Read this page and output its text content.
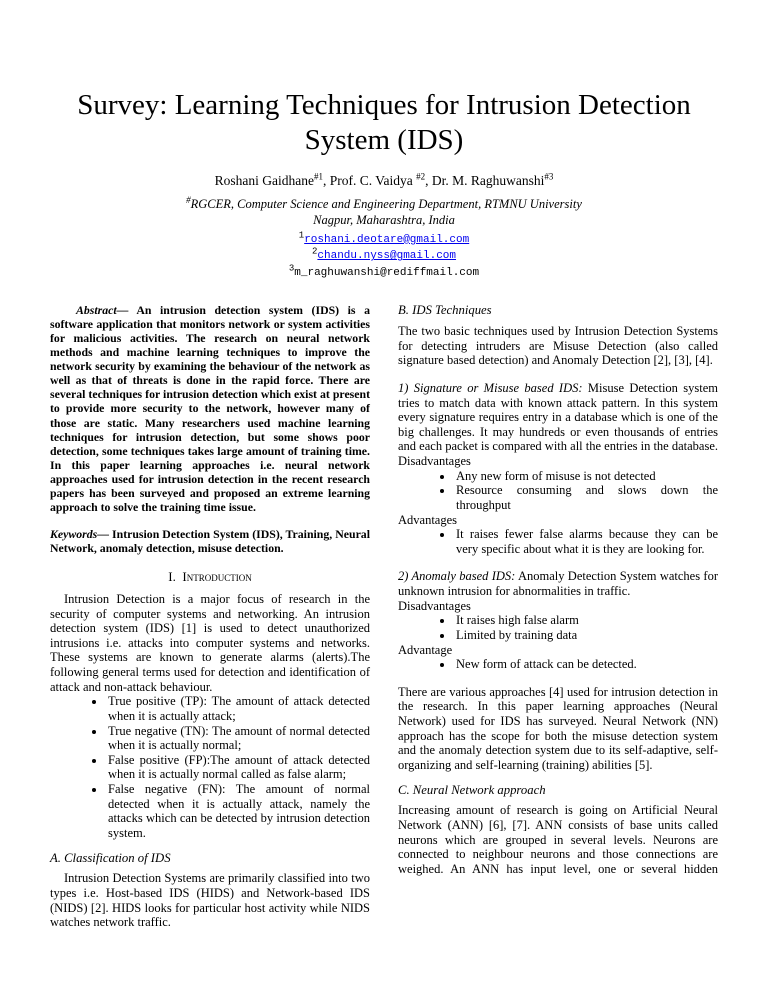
Survey: Learning Techniques for Intrusion Detection System (IDS)
Roshani Gaidhane$^{\#1}$, Prof. C. Vaidya $^{\#2}$, Dr. M. Raghuwanshi$^{\#3}$
#RGCER, Computer Science and Engineering Department, RTMNU University
Nagpur, Maharashtra, India
$^1$roshani.deotare@gmail.com
$^2$chandu.nyss@gmail.com
$^3$m_raghuwanshi@rediffmail.com

Abstract— An intrusion detection system (IDS) is a software application that monitors network or system activities for malicious activities. The research on neural network methods and machine learning techniques to improve the network security by examining the behaviour of the network as well as that of threats is done in the rapid force. There are several techniques for intrusion detection which exist at present to provide more security to the network, however many of those are static. Many researchers used machine learning techniques for intrusion detection, but some shows poor detection, some techniques takes large amount of training time. In this paper learning approaches i.e. neural network approaches used for intrusion detection in the recent research papers has been surveyed and proposed an extreme learning approach to solve the training time issue.

Keywords— Intrusion Detection System (IDS), Training, Neural Network, anomaly detection, misuse detection.

I. Introduction

Intrusion Detection is a major focus of research in the security of computer systems and networking. An intrusion detection system (IDS) [1] is used to detect unauthorized intrusions i.e. attacks into computer systems and networks. These systems are known to generate alarms (alerts).The following general terms used for detection and identification of attack and non-attack behaviour.

• True positive (TP): The amount of attack detected when it is actually attack;
• True negative (TN): The amount of normal detected when it is actually normal;
• False positive (FP):The amount of attack detected when it is actually normal called as false alarm;
• False negative (FN): The amount of normal detected when it is actually attack, namely the attacks which can be detected by intrusion detection system.
A. Classification of IDS

Intrusion Detection Systems are primarily classified into two types i.e. Host-based IDS (HIDS) and Network-based IDS (NIDS) [2]. HIDS looks for particular host activity while NIDS watches network traffic.

B. IDS Techniques

The two basic techniques used by Intrusion Detection Systems for detecting intruders are Misuse Detection (also called signature based detection) and Anomaly Detection [2], [3], [4].

1) Signature or Misuse based IDS: Misuse Detection system tries to match data with known attack pattern. In this system every signature requires entry in a database which is one of the big challenges. It may hundreds or even thousands of entries and each packet is compared with all the entries in the database.

Disadvantages

• Any new form of misuse is not detected
• Resource consuming and slows down the throughput

Advantages

• It raises fewer false alarms because they can be very specific about what it is they are looking for.

2) Anomaly based IDS: Anomaly Detection System watches for unknown intrusion for abnormalities in traffic.

Disadvantages

• It raises high false alarm
• Limited by training data

Advantage

• New form of attack can be detected.

There are various approaches [4] used for intrusion detection in the research. In this paper learning approaches (Neural Network) used for IDS has surveyed. Neural Network (NN) approach has the scope for both the misuse detection system and the anomaly detection system due to its self-adaptive, self-organizing and self-learning (training) abilities [5].

C. Neural Network approach

Increasing amount of research is going on Artificial Neural Network (ANN) [6], [7]. ANN consists of base units called neurons which are grouped in several levels. Neurons are connected to neighbour neurons and those connections are weighed. An ANN has input level, one or several hidden
